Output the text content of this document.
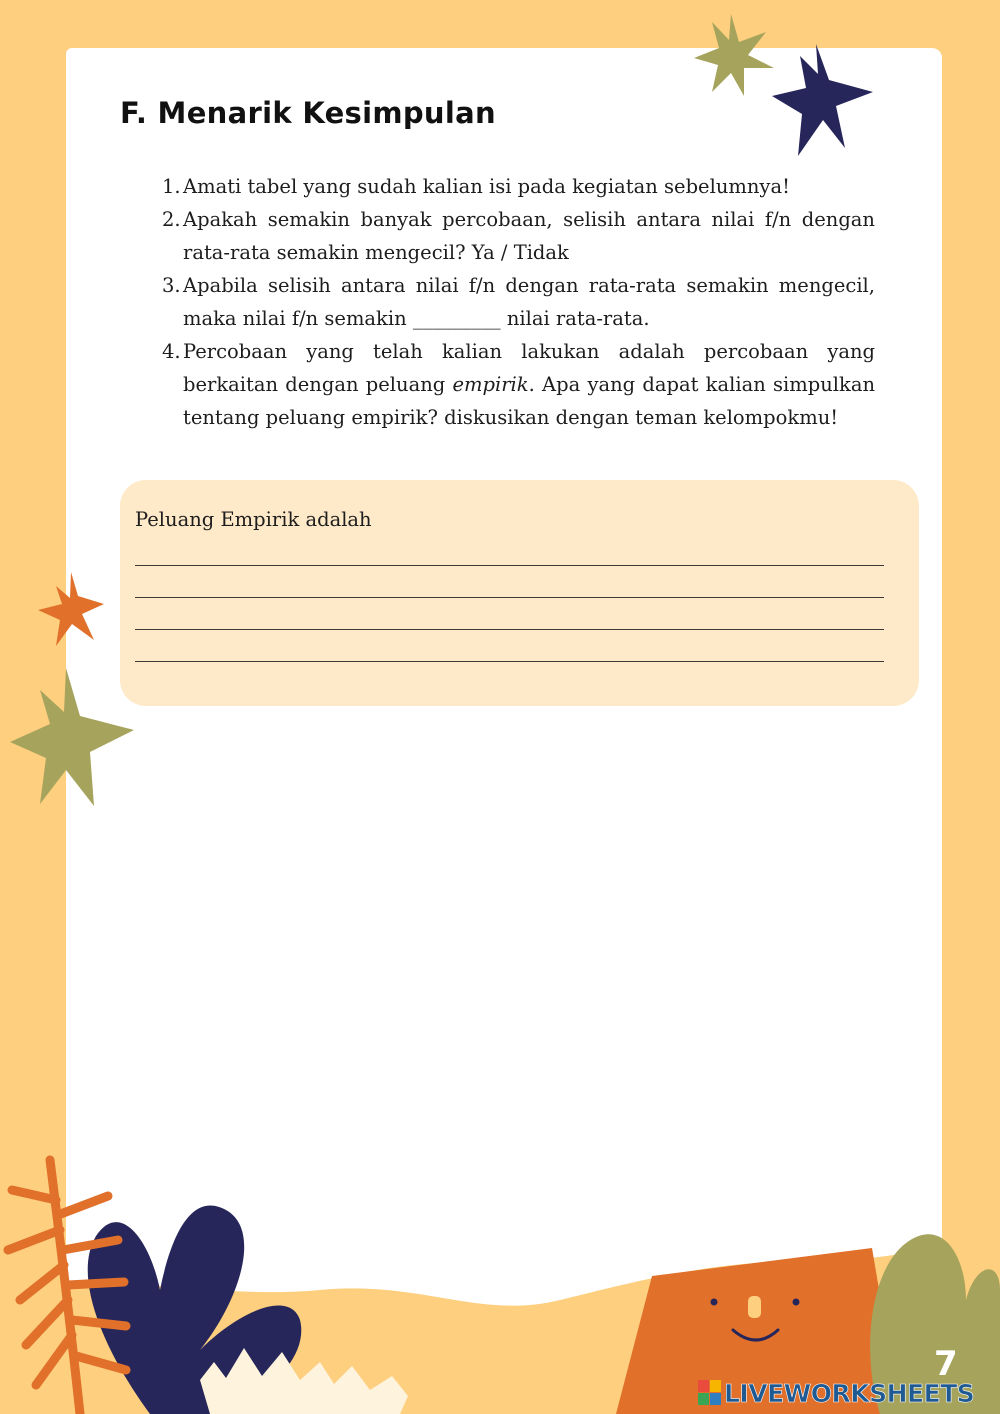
F. Menarik Kesimpulan
1. Amati tabel yang sudah kalian isi pada kegiatan sebelumnya!
2. Apakah semakin banyak percobaan, selisih antara nilai f/n dengan rata-rata semakin mengecil? Ya / Tidak
3. Apabila selisih antara nilai f/n dengan rata-rata semakin mengecil, maka nilai f/n semakin _________ nilai rata-rata.
4. Percobaan yang telah kalian lakukan adalah percobaan yang berkaitan dengan peluang empirik. Apa yang dapat kalian simpulkan tentang peluang empirik? diskusikan dengan teman kelompokmu!
Peluang Empirik adalah
7
LIVEWORKSHEETS
